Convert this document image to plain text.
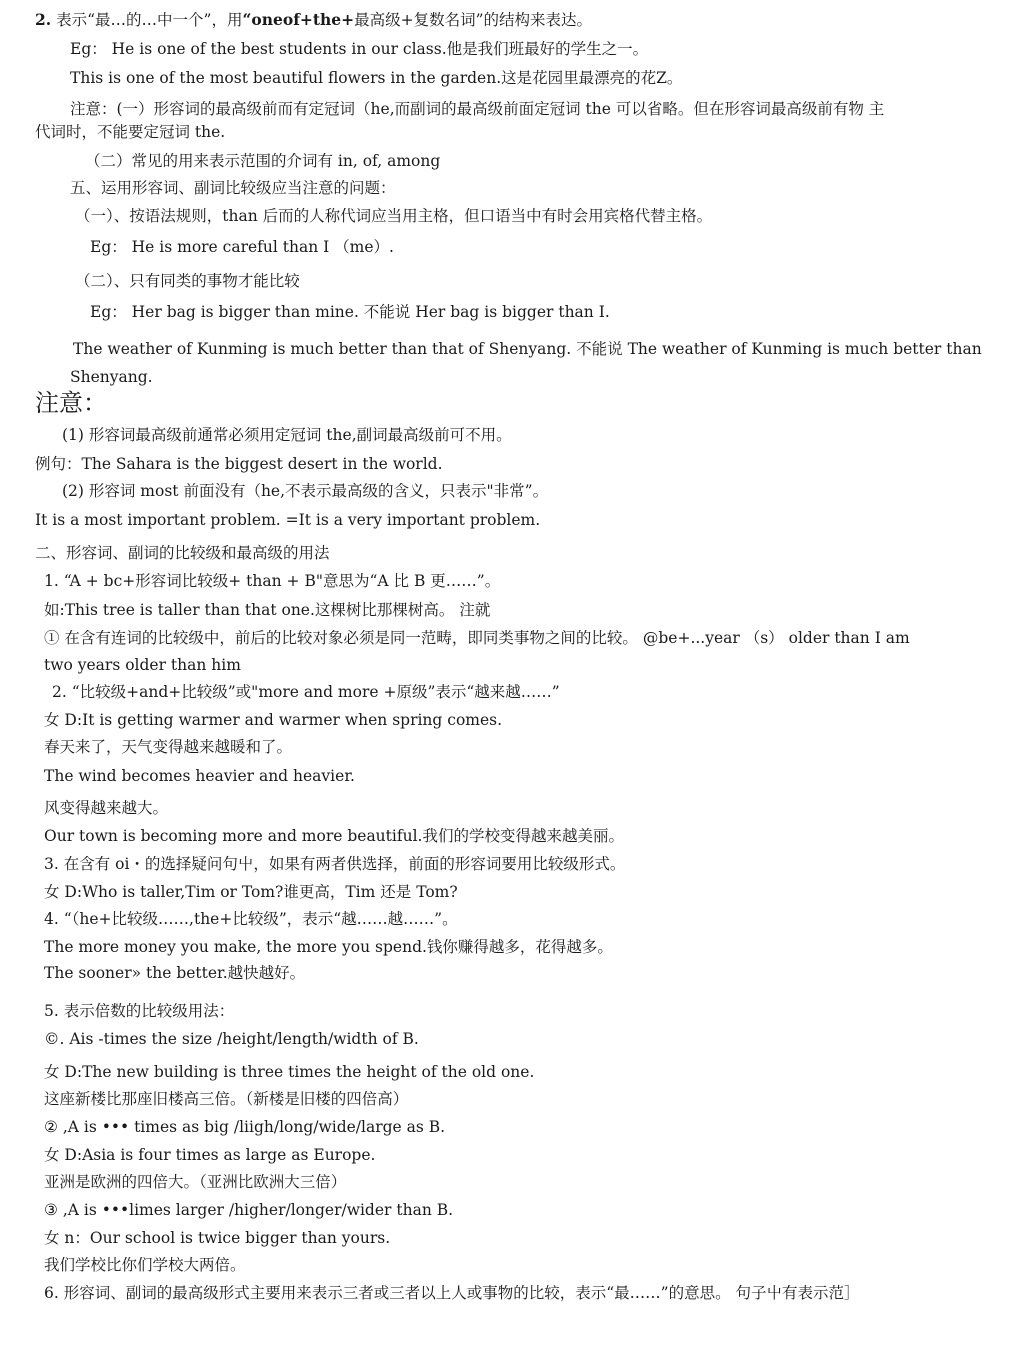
2. 表示“最…的…中一个”，用“oneof+the+最高级+复数名词”的结构来表达。
Eg： He is one of the best students in our class.他是我们班最好的学生之一。
This is one of the most beautiful flowers in the garden.这是花园里最漂亮的花Z。
注意：(一）形容词的最高级前而有定冠词（he,而副词的最高级前面定冠词 the 可以省略。但在形容词最高级前有物 主
代词时，不能要定冠词 the.
（二）常见的用来表示范围的介词有 in, of, among
五、运用形容词、副词比较级应当注意的问题：
（一）、按语法规则，than 后而的人称代词应当用主格，但口语当中有时会用宾格代替主格。
Eg： He is more careful than I （me）.
（二）、只有同类的事物才能比较
Eg： Her bag is bigger than mine. 不能说 Her bag is bigger than I.
The weather of Kunming is much better than that of Shenyang. 不能说 The weather of Kunming is much better than
Shenyang.
注意：
(1) 形容词最高级前通常必须用定冠词 the,副词最高级前可不用。
例句：The Sahara is the biggest desert in the world.
(2) 形容词 most 前面没有（he,不表示最高级的含义，只表示"非常”。
It is a most important problem. =It is a very important problem.
二、形容词、副词的比较级和最高级的用法
1. “A + bc+形容词比较级+ than + B"意思为“A 比 B 更……”。
如:This tree is taller than that one.这棵树比那棵树高。 注就
① 在含有连词的比较级中，前后的比较对象必须是同一范畴，即同类事物之间的比较。 @be+...year （s） older than I am
two years older than him
2. “比较级+and+比较级”或"more and more +原级”表示“越来越……”
女 D:It is getting warmer and warmer when spring comes.
春天来了，天气变得越来越暖和了。
The wind becomes heavier and heavier.
风变得越来越大。
Our town is becoming more and more beautiful.我们的学校变得越来越美丽。
3. 在含有 oi・的选择疑问句屮，如果有两者供选择，前面的形容词要用比较级形式。
女 D:Who is taller,Tim or Tom?谁更高，Tim 还是 Tom?
4. “（he+比较级……,the+比较级”，表示“越……越……”。
The more money you make, the more you spend.钱你赚得越多，花得越多。
The sooner» the better.越快越好。
5. 表示倍数的比较级用法：
©. Ais -times the size /height/length/width of B.
女 D:The new building is three times the height of the old one.
这座新楼比那座旧楼高三倍。（新楼是旧楼的四倍高）
② ,A is ••• times as big /liigh/long/wide/large as B.
女 D:Asia is four times as large as Europe.
亚洲是欧洲的四倍大。（亚洲比欧洲大三倍）
③ ,A is •••limes larger /higher/longer/wider than B.
女 n：Our school is twice bigger than yours.
我们学校比你们学校大两倍。
6. 形容词、副词的最高级形式主要用来表示三者或三者以上人或事物的比较，表示“最……”的意思。 句子屮有表示范］
